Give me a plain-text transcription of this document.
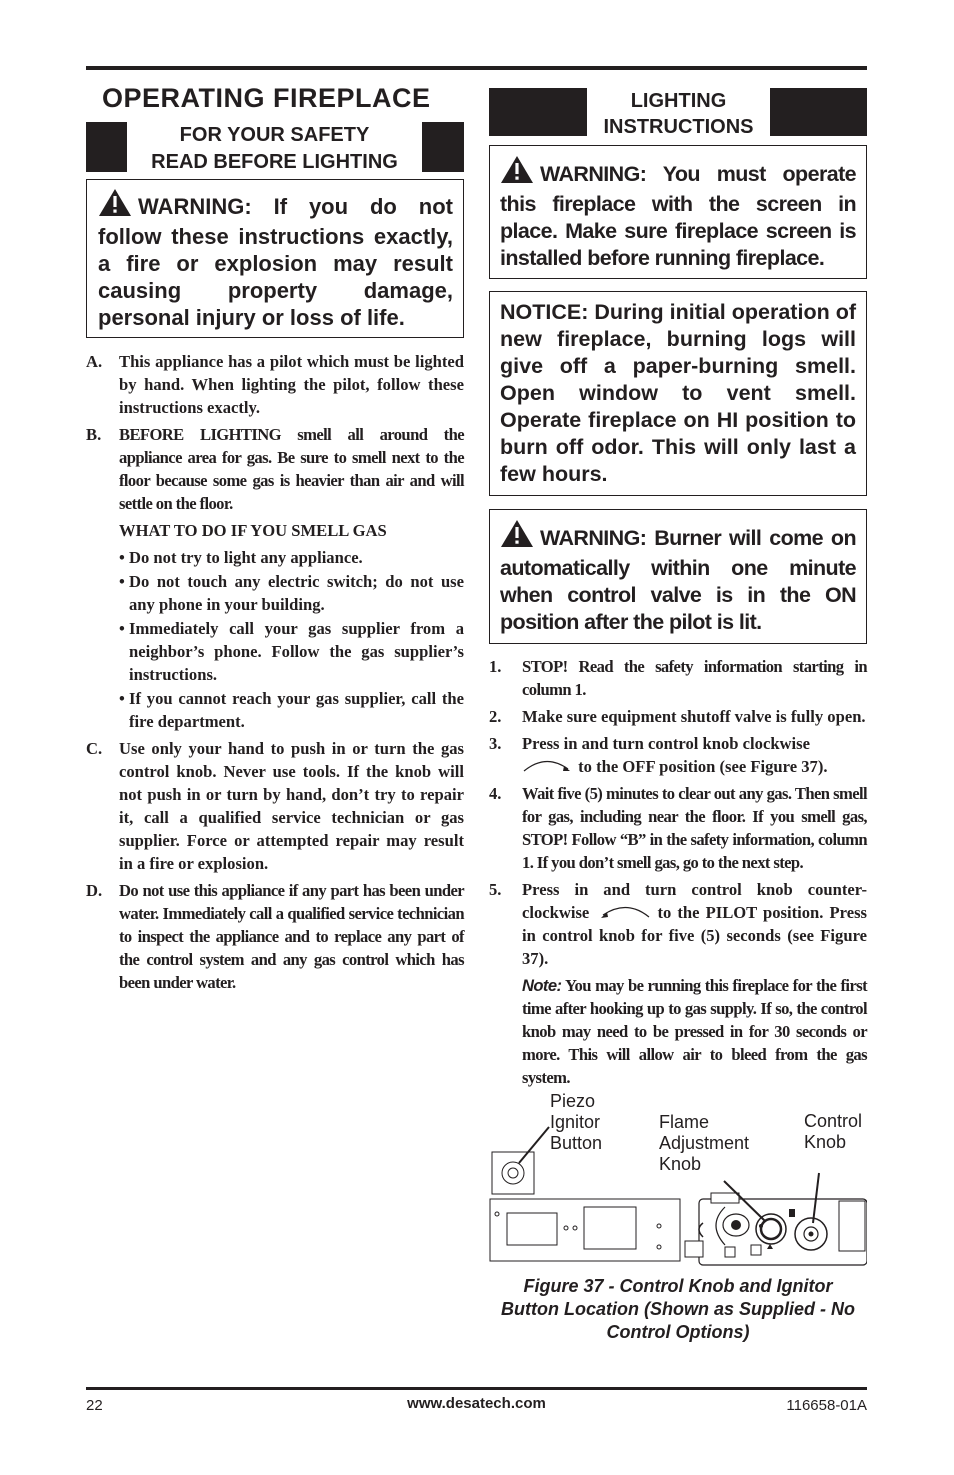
OPERATING FIREPLACE
FOR YOUR SAFETY
READ BEFORE LIGHTING
WARNING: If you do not follow these instructions exactly, a fire or explosion may result causing property damage, personal injury or loss of life.
A.	This appliance has a pilot which must be lighted by hand. When lighting the pilot, follow these instructions exactly.
B.	BEFORE LIGHTING smell all around the appliance area for gas. Be sure to smell next to the floor because some gas is heavier than air and will settle on the floor.
WHAT TO DO IF YOU SMELL GAS
• Do not try to light any appliance.
• Do not touch any electric switch; do not use any phone in your building.
• Immediately call your gas supplier from a neighbor’s phone. Follow the gas supplier’s instructions.
• If you cannot reach your gas supplier, call the fire department.
C.	Use only your hand to push in or turn the gas control knob. Never use tools. If the knob will not push in or turn by hand, don’t try to repair it, call a qualified service technician or gas supplier. Force or attempted repair may result in a fire or explosion.
D.	Do not use this appliance if any part has been under water. Immediately call a qualified service technician to inspect the appliance and to replace any part of the control system and any gas control which has been under water.
LIGHTING
INSTRUCTIONS
WARNING: You must operate this fireplace with the screen in place. Make sure fireplace screen is installed before running fireplace.
NOTICE: During initial operation of new fireplace, burning logs will give off a paper-burning smell. Open window to vent smell. Operate fireplace on HI position to burn off odor. This will only last a few hours.
WARNING: Burner will come on automatically within one minute when control valve is in the ON position after the pilot is lit.
1.	STOP! Read the safety information starting in column 1.
2.	Make sure equipment shutoff valve is fully open.
3.	Press in and turn control knob clockwise
to the OFF position (see Figure 37).
4.	Wait five (5) minutes to clear out any gas. Then smell for gas, including near the floor. If you smell gas, STOP! Follow “B” in the safety information, column 1. If you don’t smell gas, go to the next step.
5.	Press in and turn control knob counter-clockwise	to the PILOT position. Press in control knob for five (5) seconds (see Figure 37).
Note: You may be running this fireplace for the first time after hooking up to gas supply. If so, the control knob may need to be pressed in for 30 seconds or more. This will allow air to bleed from the gas system.
Piezo Ignitor Button
Flame Adjustment Knob
Control Knob
Figure 37 - Control Knob and Ignitor Button Location (Shown as Supplied - No Control Options)
22	www.desatech.com	116658-01A
